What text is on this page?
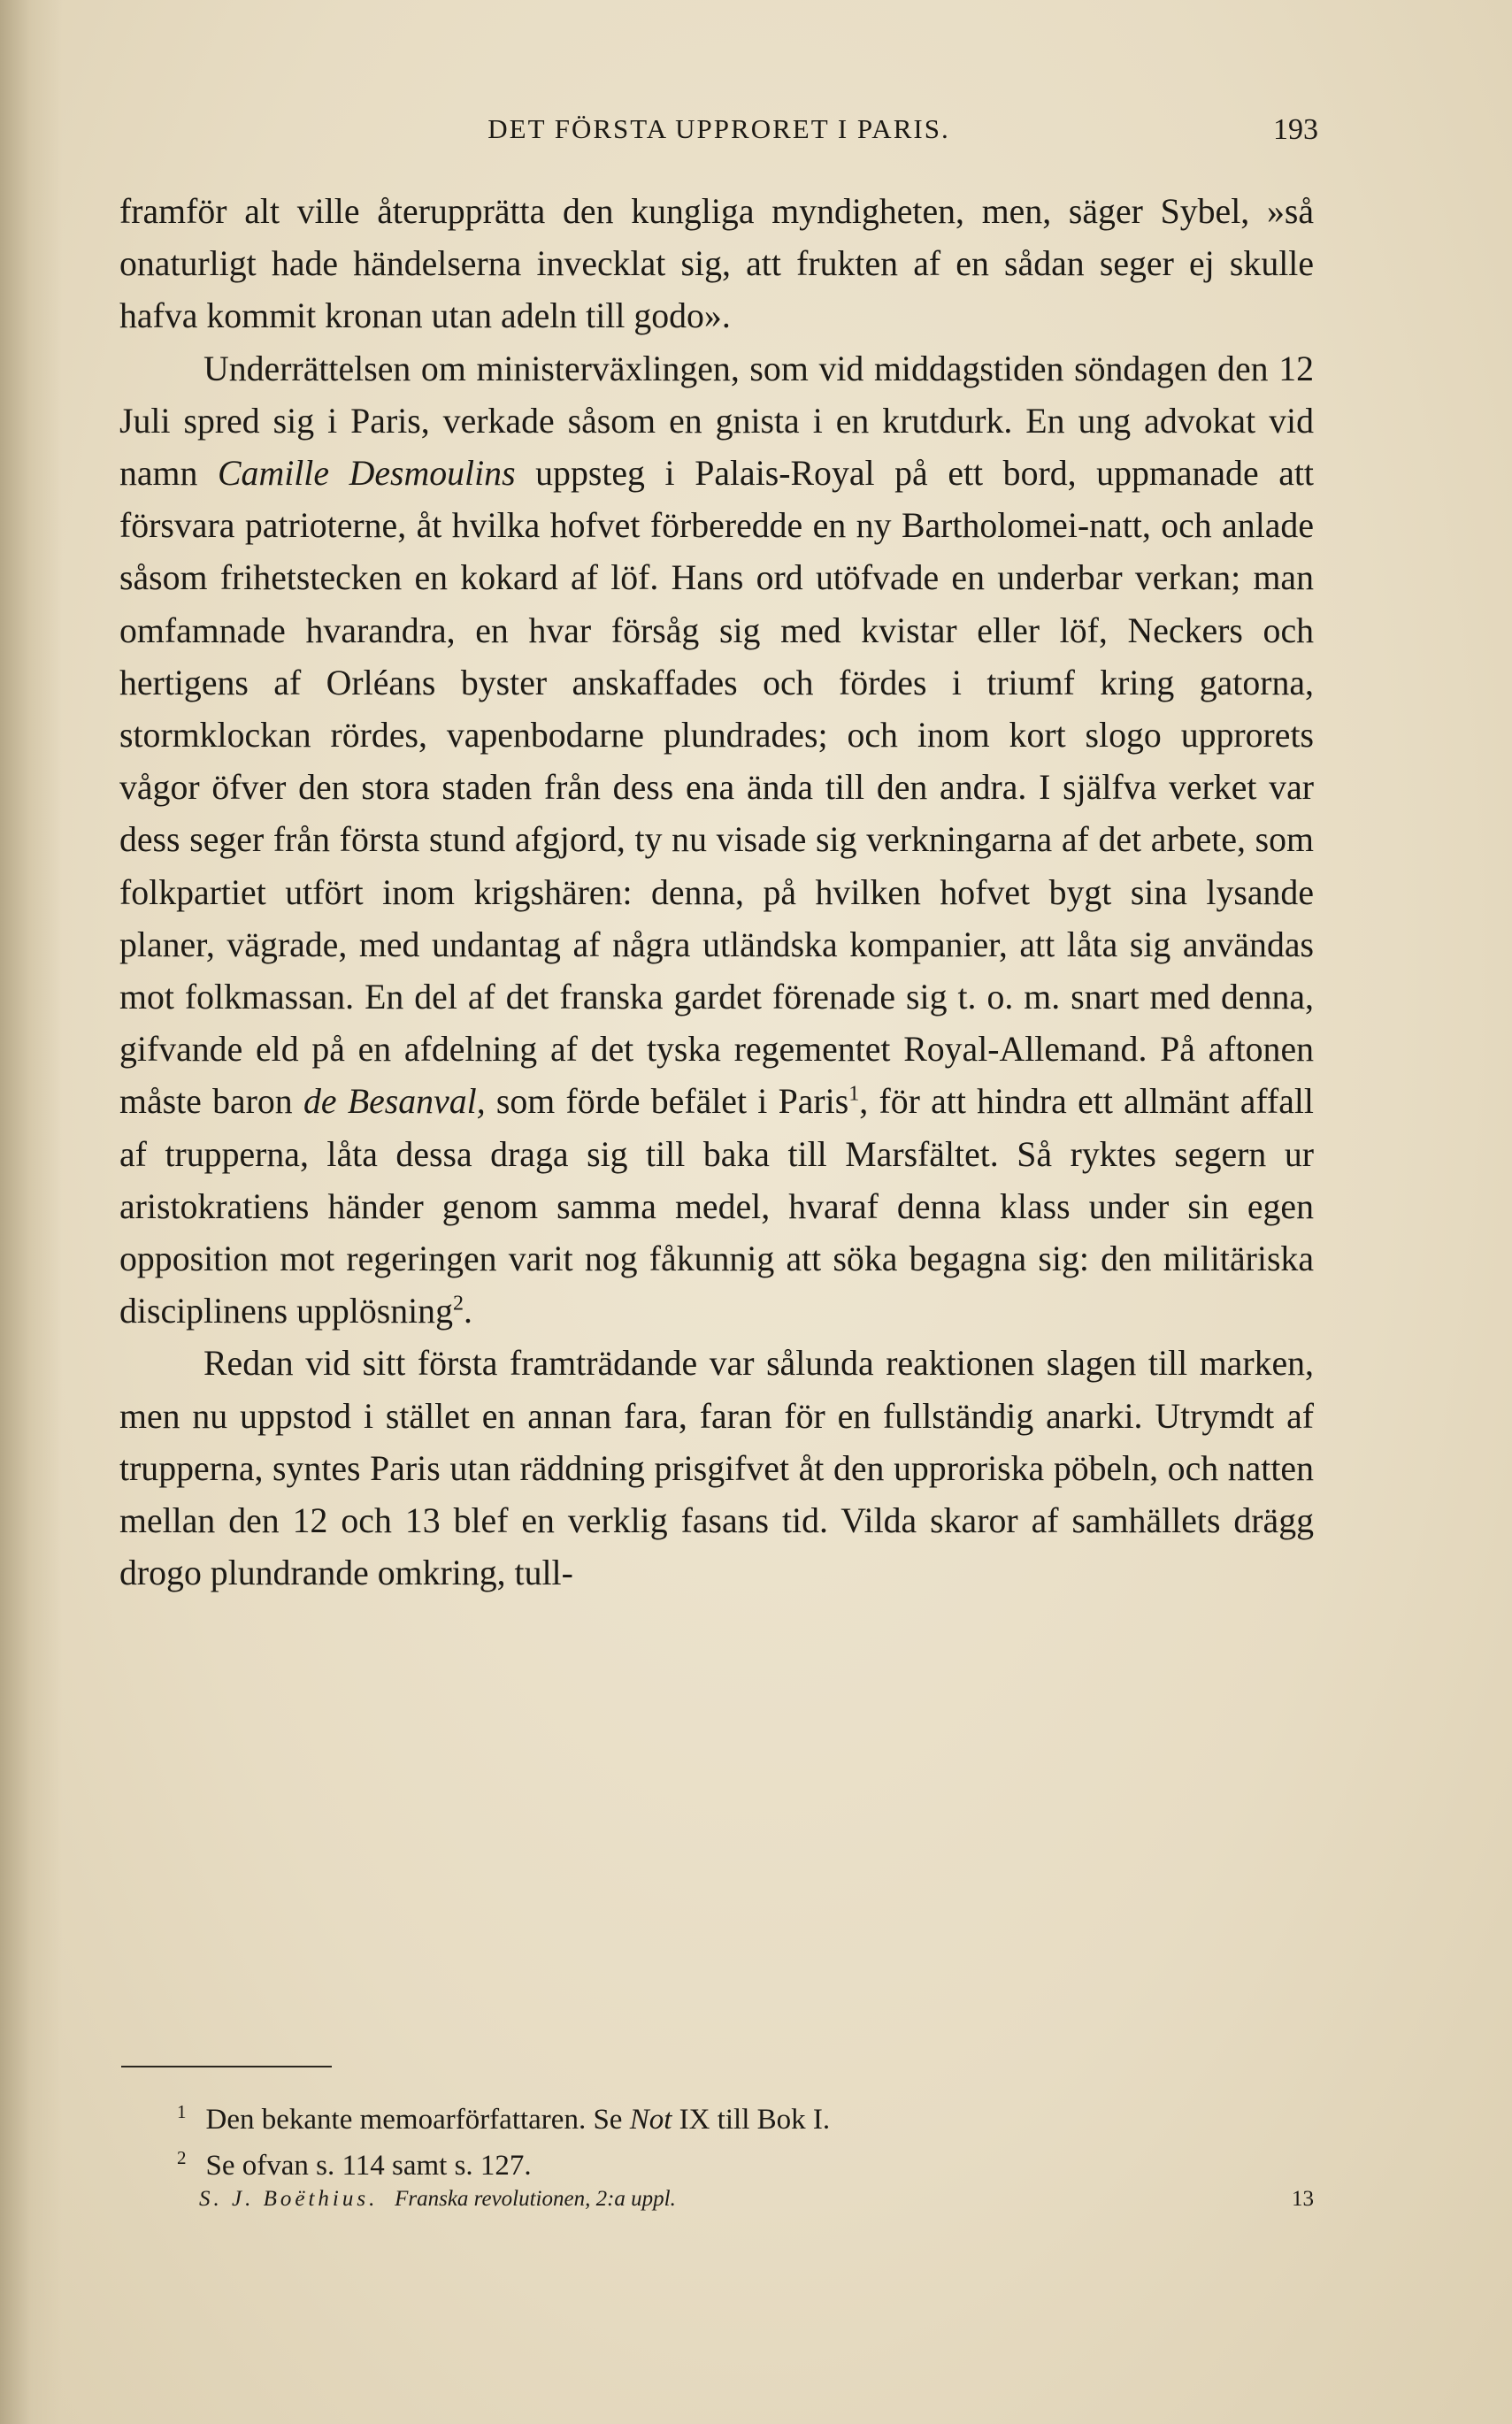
DET FÖRSTA UPPRORET I PARIS.	193

framför alt ville återupprätta den kungliga myndigheten, men, säger Sybel, »så onaturligt hade händelserna invecklat sig, att frukten af en sådan seger ej skulle hafva kommit kronan utan adeln till godo».

Underrättelsen om ministerväxlingen, som vid middagstiden söndagen den 12 Juli spred sig i Paris, verkade såsom en gnista i en krutdurk. En ung advokat vid namn Camille Desmoulins uppsteg i Palais-Royal på ett bord, uppmanade att försvara patrioterne, åt hvilka hofvet förberedde en ny Bartholomei-natt, och anlade såsom frihetstecken en kokard af löf. Hans ord utöfvade en underbar verkan; man omfamnade hvarandra, en hvar försåg sig med kvistar eller löf, Neckers och hertigens af Orléans byster anskaffades och fördes i triumf kring gatorna, stormklockan rördes, vapenbodarne plundrades; och inom kort slogo upprorets vågor öfver den stora staden från dess ena ända till den andra. I själfva verket var dess seger från första stund afgjord, ty nu visade sig verkningarna af det arbete, som folkpartiet utfört inom krigshären: denna, på hvilken hofvet bygt sina lysande planer, vägrade, med undantag af några utländska kompanier, att låta sig användas mot folkmassan. En del af det franska gardet förenade sig t. o. m. snart med denna, gifvande eld på en afdelning af det tyska regementet Royal-Allemand. På aftonen måste baron de Besanval, som förde befälet i Paris$^1$, för att hindra ett allmänt affall af trupperna, låta dessa draga sig till baka till Marsfältet. Så ryktes segern ur aristokratiens händer genom samma medel, hvaraf denna klass under sin egen opposition mot regeringen varit nog fåkunnig att söka begagna sig: den militäriska disciplinens upplösning$^2$.

Redan vid sitt första framträdande var sålunda reaktionen slagen till marken, men nu uppstod i stället en annan fara, faran för en fullständig anarki. Utrymdt af trupperna, syntes Paris utan räddning prisgifvet åt den upproriska pöbeln, och natten mellan den 12 och 13 blef en verklig fasans tid. Vilda skaror af samhällets drägg drogo plundrande omkring, tull-

$^1$ Den bekante memoarförfattaren. Se Not IX till Bok I.
$^2$ Se ofvan s. 114 samt s. 127.
S. J. Boëthius. Franska revolutionen, 2:a uppl.	13
